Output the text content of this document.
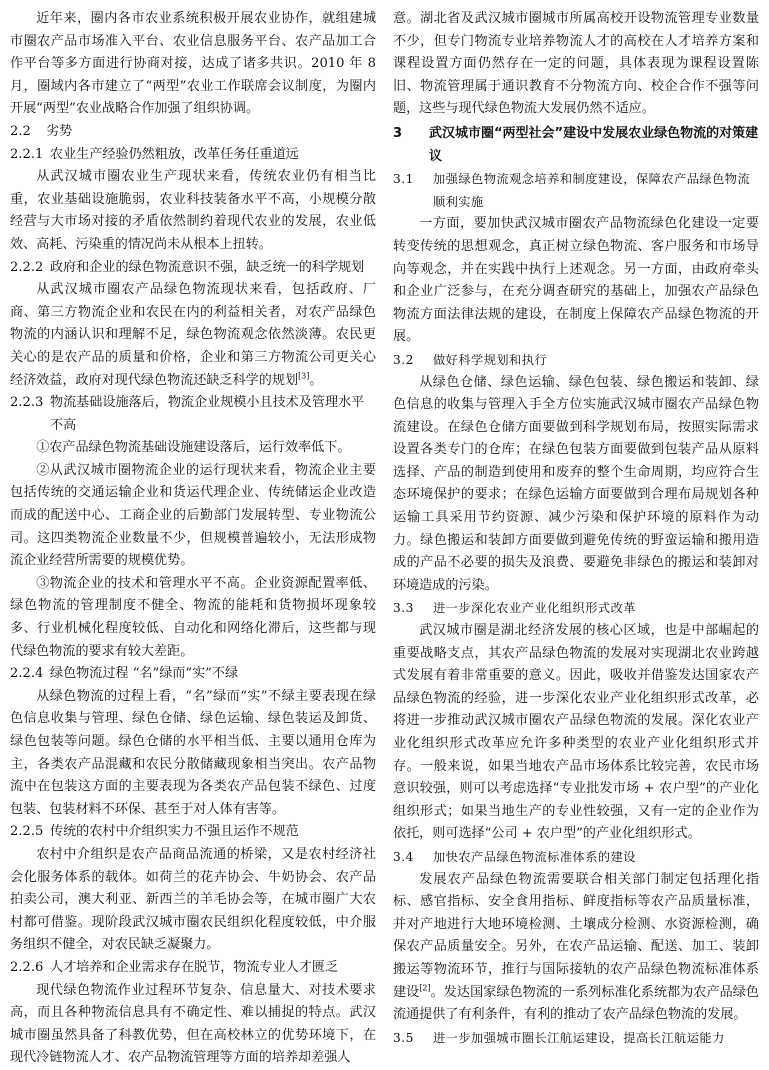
近年来，圈内各市农业系统积极开展农业协作，就组建城市圈农产品市场准入平台、农业信息服务平台、农产品加工合作平台等多方面进行协商对接，达成了诸多共识。2010 年 8 月，圈域内各市建立了“两型”农业工作联席会议制度，为圈内开展“两型”农业战略合作加强了组织协调。

2.2 劣势
2.2.1 农业生产经验仍然粗放，改革任务任重道远

从武汉城市圈农业生产现状来看，传统农业仍有相当比重，农业基础设施脆弱，农业科技装备水平不高，小规模分散经营与大市场对接的矛盾依然制约着现代农业的发展，农业低效、高耗、污染重的情况尚未从根本上扭转。

2.2.2 政府和企业的绿色物流意识不强，缺乏统一的科学规划

从武汉城市圈农产品绿色物流现状来看，包括政府、厂商、第三方物流企业和农民在内的利益相关者，对农产品绿色物流的内涵认识和理解不足，绿色物流观念依然淡薄。农民更关心的是农产品的质量和价格，企业和第三方物流公司更关心经济效益，政府对现代绿色物流还缺乏科学的规划[3]。

2.2.3 物流基础设施落后，物流企业规模小且技术及管理水平不高

①农产品绿色物流基础设施建设落后，运行效率低下。

②从武汉城市圈物流企业的运行现状来看，物流企业主要包括传统的交通运输企业和货运代理企业、传统储运企业改造而成的配送中心、工商企业的后勤部门发展转型、专业物流公司。这四类物流企业数量不少，但规模普遍较小，无法形成物流企业经营所需要的规模优势。

③物流企业的技术和管理水平不高。企业资源配置率低、绿色物流的管理制度不健全、物流的能耗和货物损坏现象较多、行业机械化程度较低、自动化和网络化滞后，这些都与现代绿色物流的要求有较大差距。

2.2.4 绿色物流过程 “名”绿而“实”不绿

从绿色物流的过程上看，“名”绿而“实”不绿主要表现在绿色信息收集与管理、绿色仓储、绿色运输、绿色装运及卸货、绿色包装等问题。绿色仓储的水平相当低、主要以通用仓库为主，各类农产品混藏和农民分散储藏现象相当突出。农产品物流中在包装这方面的主要表现为各类农产品包装不绿色、过度包装、包装材料不环保、甚至于对人体有害等。

2.2.5 传统的农村中介组织实力不强且运作不规范

农村中介组织是农产品商品流通的桥梁，又是农村经济社会化服务体系的载体。如荷兰的花卉协会、牛奶协会、农产品拍卖公司，澳大利亚、新西兰的羊毛协会等，在城市圈广大农村都可借鉴。现阶段武汉城市圈农民组织化程度较低，中介服务组织不健全，对农民缺乏凝聚力。

2.2.6 人才培养和企业需求存在脱节，物流专业人才匮乏

现代绿色物流作业过程环节复杂、信息量大、对技术要求高，而且各种物流信息具有不确定性、难以捕捉的特点。武汉城市圈虽然具备了科教优势，但在高校林立的优势环境下，在现代冷链物流人才、农产品物流管理等方面的培养却差强人

意。湖北省及武汉城市圈城市所属高校开设物流管理专业数量不少，但专门物流专业培养物流人才的高校在人才培养方案和课程设置方面仍然存在一定的问题，具体表现为课程设置陈旧、物流管理属于通识教育不分物流方向、校企合作不强等问题，这些与现代绿色物流大发展仍然不适应。

3	武汉城市圈“两型社会”建设中发展农业绿色物流的对策建议
3.1	加强绿色物流观念培养和制度建设，保障农产品绿色物流顺利实施

一方面，要加快武汉城市圈农产品物流绿色化建设一定要转变传统的思想观念，真正树立绿色物流、客户服务和市场导向等观念，并在实践中执行上述观念。另一方面，由政府牵头和企业广泛参与，在充分调查研究的基础上，加强农产品绿色物流方面法律法规的建设，在制度上保障农产品绿色物流的开展。

3.2	做好科学规划和执行

从绿色仓储、绿色运输、绿色包装、绿色搬运和装卸、绿色信息的收集与管理入手全方位实施武汉城市圈农产品绿色物流建设。在绿色仓储方面要做到科学规划布局，按照实际需求设置各类专门的仓库；在绿色包装方面要做到包装产品从原料选择、产品的制造到使用和废弃的整个生命周期，均应符合生态环境保护的要求；在绿色运输方面要做到合理布局规划各种运输工具采用节约资源、减少污染和保护环境的原料作为动力。绿色搬运和装卸方面要做到避免传统的野蛮运输和搬用造成的产品不必要的损失及浪费、要避免非绿色的搬运和装卸对环境造成的污染。

3.3	进一步深化农业产业化组织形式改革

武汉城市圈是湖北经济发展的核心区域，也是中部崛起的重要战略支点，其农产品绿色物流的发展对实现湖北农业跨越式发展有着非常重要的意义。因此，吸收并借鉴发达国家农产品绿色物流的经验，进一步深化农业产业化组织形式改革，必将进一步推动武汉城市圈农产品绿色物流的发展。深化农业产业化组织形式改革应允许多种类型的农业产业化组织形式并存。一般来说，如果当地农产品市场体系比较完善，农民市场意识较强，则可以考虑选择“专业批发市场 + 农户型”的产业化组织形式；如果当地生产的专业性较强，又有一定的企业作为依托，则可选择“公司 + 农户型”的产业化组织形式。

3.4	加快农产品绿色物流标准体系的建设

发展农产品绿色物流需要联合相关部门制定包括理化指标、感官指标、安全食用指标、鲜度指标等农产品质量标准，并对产地进行大地环境检测、土壤成分检测、水资源检测，确保农产品质量安全。另外，在农产品运输、配送、加工、装卸搬运等物流环节，推行与国际接轨的农产品绿色物流标准体系建设[2]。发达国家绿色物流的一系列标准化系统都为农产品绿色流通提供了有利条件，有利的推动了农产品绿色物流的发展。

3.5	进一步加强城市圈长江航运建设，提高长江航运能力
